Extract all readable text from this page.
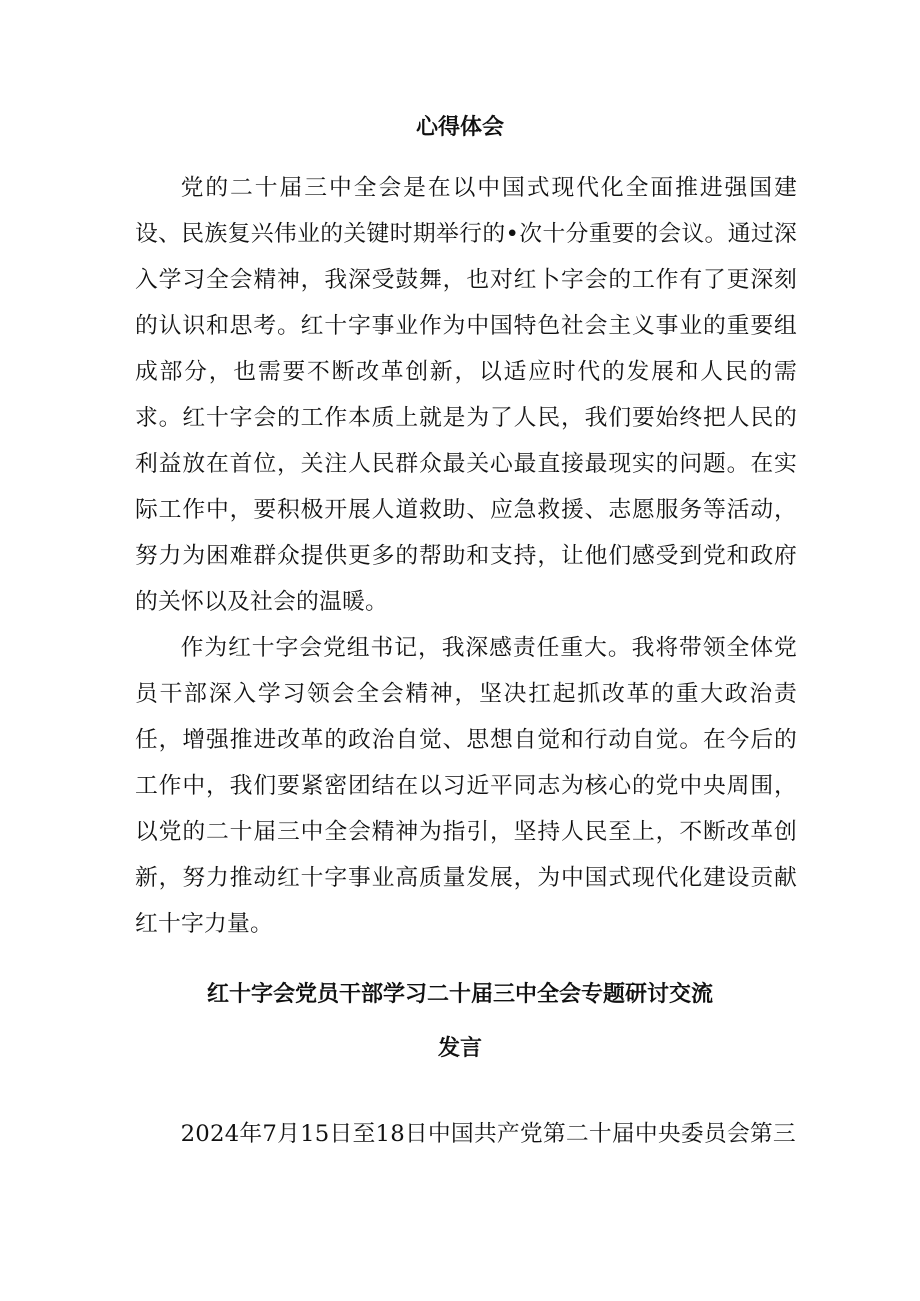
心得体会

党的二十届三中全会是在以中国式现代化全面推进强国建设、民族复兴伟业的关键时期举行的•次十分重要的会议。通过深入学习全会精神，我深受鼓舞，也对红卜字会的工作有了更深刻的认识和思考。红十字事业作为中国特色社会主义事业的重要组成部分，也需要不断改革创新，以适应时代的发展和人民的需求。红十字会的工作本质上就是为了人民，我们要始终把人民的利益放在首位，关注人民群众最关心最直接最现实的问题。在实际工作中，要积极开展人道救助、应急救援、志愿服务等活动，努力为困难群众提供更多的帮助和支持，让他们感受到党和政府的关怀以及社会的温暖。

作为红十字会党组书记，我深感责任重大。我将带领全体党员干部深入学习领会全会精神，坚决扛起抓改革的重大政治责任，增强推进改革的政治自觉、思想自觉和行动自觉。在今后的工作中，我们要紧密团结在以习近平同志为核心的党中央周围，以党的二十届三中全会精神为指引，坚持人民至上，不断改革创新，努力推动红十字事业高质量发展，为中国式现代化建设贡献红十字力量。

红十字会党员干部学习二十届三中全会专题研讨交流
发言

2024年7月15日至18日中国共产党第二十届中央委员会第三
